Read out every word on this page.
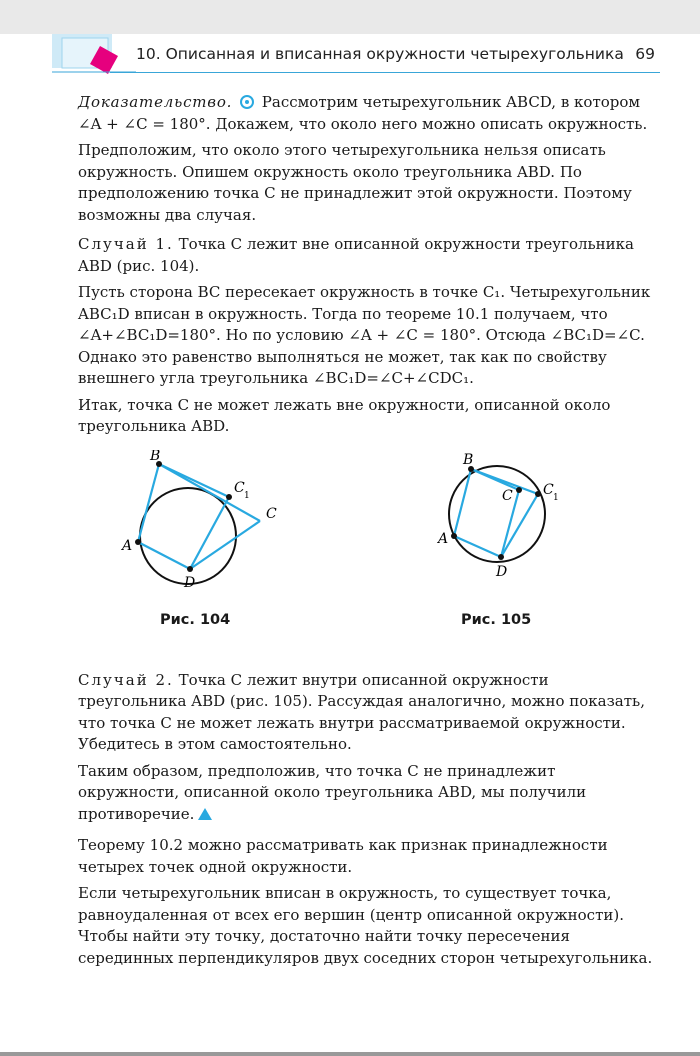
10. Описанная и вписанная окружности четырехугольника 69

Доказательство. Рассмотрим четырехугольник ABCD, в котором ∠A + ∠C = 180°. Докажем, что около него можно описать окружность.

Предположим, что около этого четырехугольника нельзя описать окружность. Опишем окружность около треугольника ABD. По предположению точка C не принадлежит этой окружности. Поэтому возможны два случая.

Случай 1. Точка C лежит вне описанной окружности треугольника ABD (рис. 104).

Пусть сторона BC пересекает окружность в точке C₁. Четырехугольник ABC₁D вписан в окружность. Тогда по теореме 10.1 получаем, что ∠A+∠BC₁D=180°. Но по условию ∠A + ∠C = 180°. Отсюда ∠BC₁D=∠C. Однако это равенство выполняться не может, так как по свойству внешнего угла треугольника ∠BC₁D=∠C+∠CDC₁.

Итак, точка C не может лежать вне окружности, описанной около треугольника ABD.

B
C 1
C
A
D
B
C C 1
A
D
Рис. 104	Рис. 105

Случай 2. Точка C лежит внутри описанной окружности треугольника ABD (рис. 105). Рассуждая аналогично, можно показать, что точка C не может лежать внутри рассматриваемой окружности. Убедитесь в этом самостоятельно.

Таким образом, предположив, что точка C не принадлежит окружности, описанной около треугольника ABD, мы получили противоречие.

Теорему 10.2 можно рассматривать как признак принадлежности четырех точек одной окружности.

Если четырехугольник вписан в окружность, то существует точка, равноудаленная от всех его вершин (центр описанной окружности). Чтобы найти эту точку, достаточно найти точку пересечения серединных перпендикуляров двух соседних сторон четырехугольника.
